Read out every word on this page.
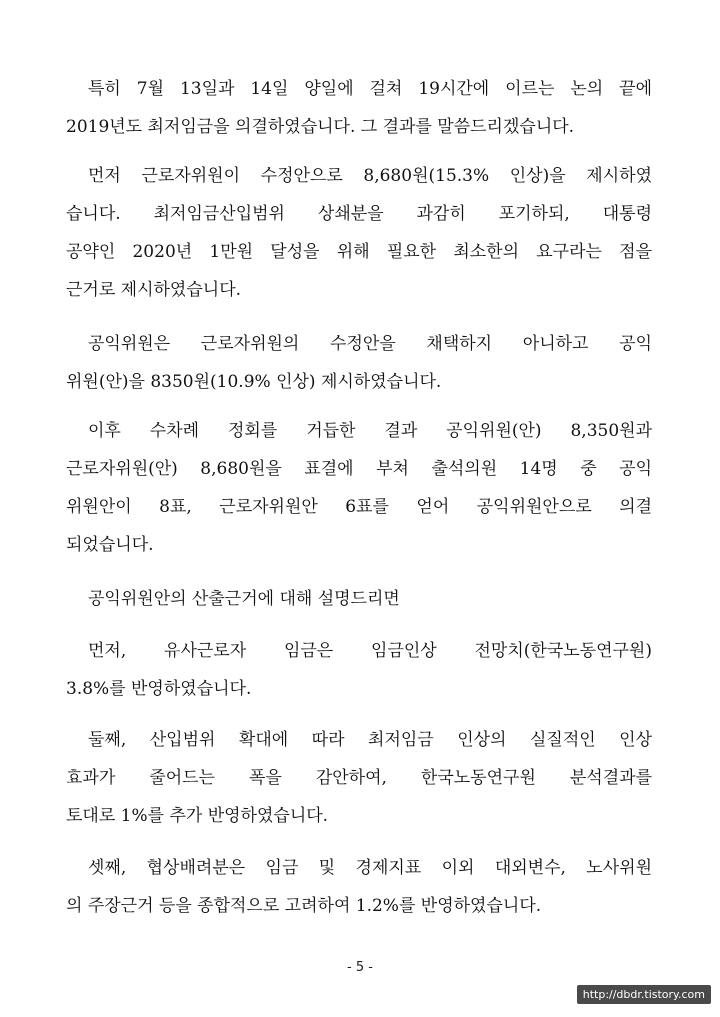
특히 7월 13일과 14일 양일에 걸쳐 19시간에 이르는 논의 끝에
2019년도 최저임금을 의결하였습니다. 그 결과를 말씀드리겠습니다.
먼저 근로자위원이 수정안으로 8,680원(15.3% 인상)을 제시하였
습니다. 최저임금산입범위 상쇄분을 과감히 포기하되, 대통령
공약인 2020년 1만원 달성을 위해 필요한 최소한의 요구라는 점을
근거로 제시하였습니다.
공익위원은 근로자위원의 수정안을 채택하지 아니하고 공익
위원(안)을 8350원(10.9% 인상) 제시하였습니다.
이후 수차례 정회를 거듭한 결과 공익위원(안) 8,350원과
근로자위원(안) 8,680원을 표결에 부쳐 출석의원 14명 중 공익
위원안이 8표, 근로자위원안 6표를 얻어 공익위원안으로 의결
되었습니다.
공익위원안의 산출근거에 대해 설명드리면
먼저, 유사근로자 임금은 임금인상 전망치(한국노동연구원)
3.8%를 반영하였습니다.
둘째, 산입범위 확대에 따라 최저임금 인상의 실질적인 인상
효과가 줄어드는 폭을 감안하여, 한국노동연구원 분석결과를
토대로 1%를 추가 반영하였습니다.
셋째, 협상배려분은 임금 및 경제지표 이외 대외변수, 노사위원
의 주장근거 등을 종합적으로 고려하여 1.2%를 반영하였습니다.
- 5 -
http://dbdr.tistory.com
